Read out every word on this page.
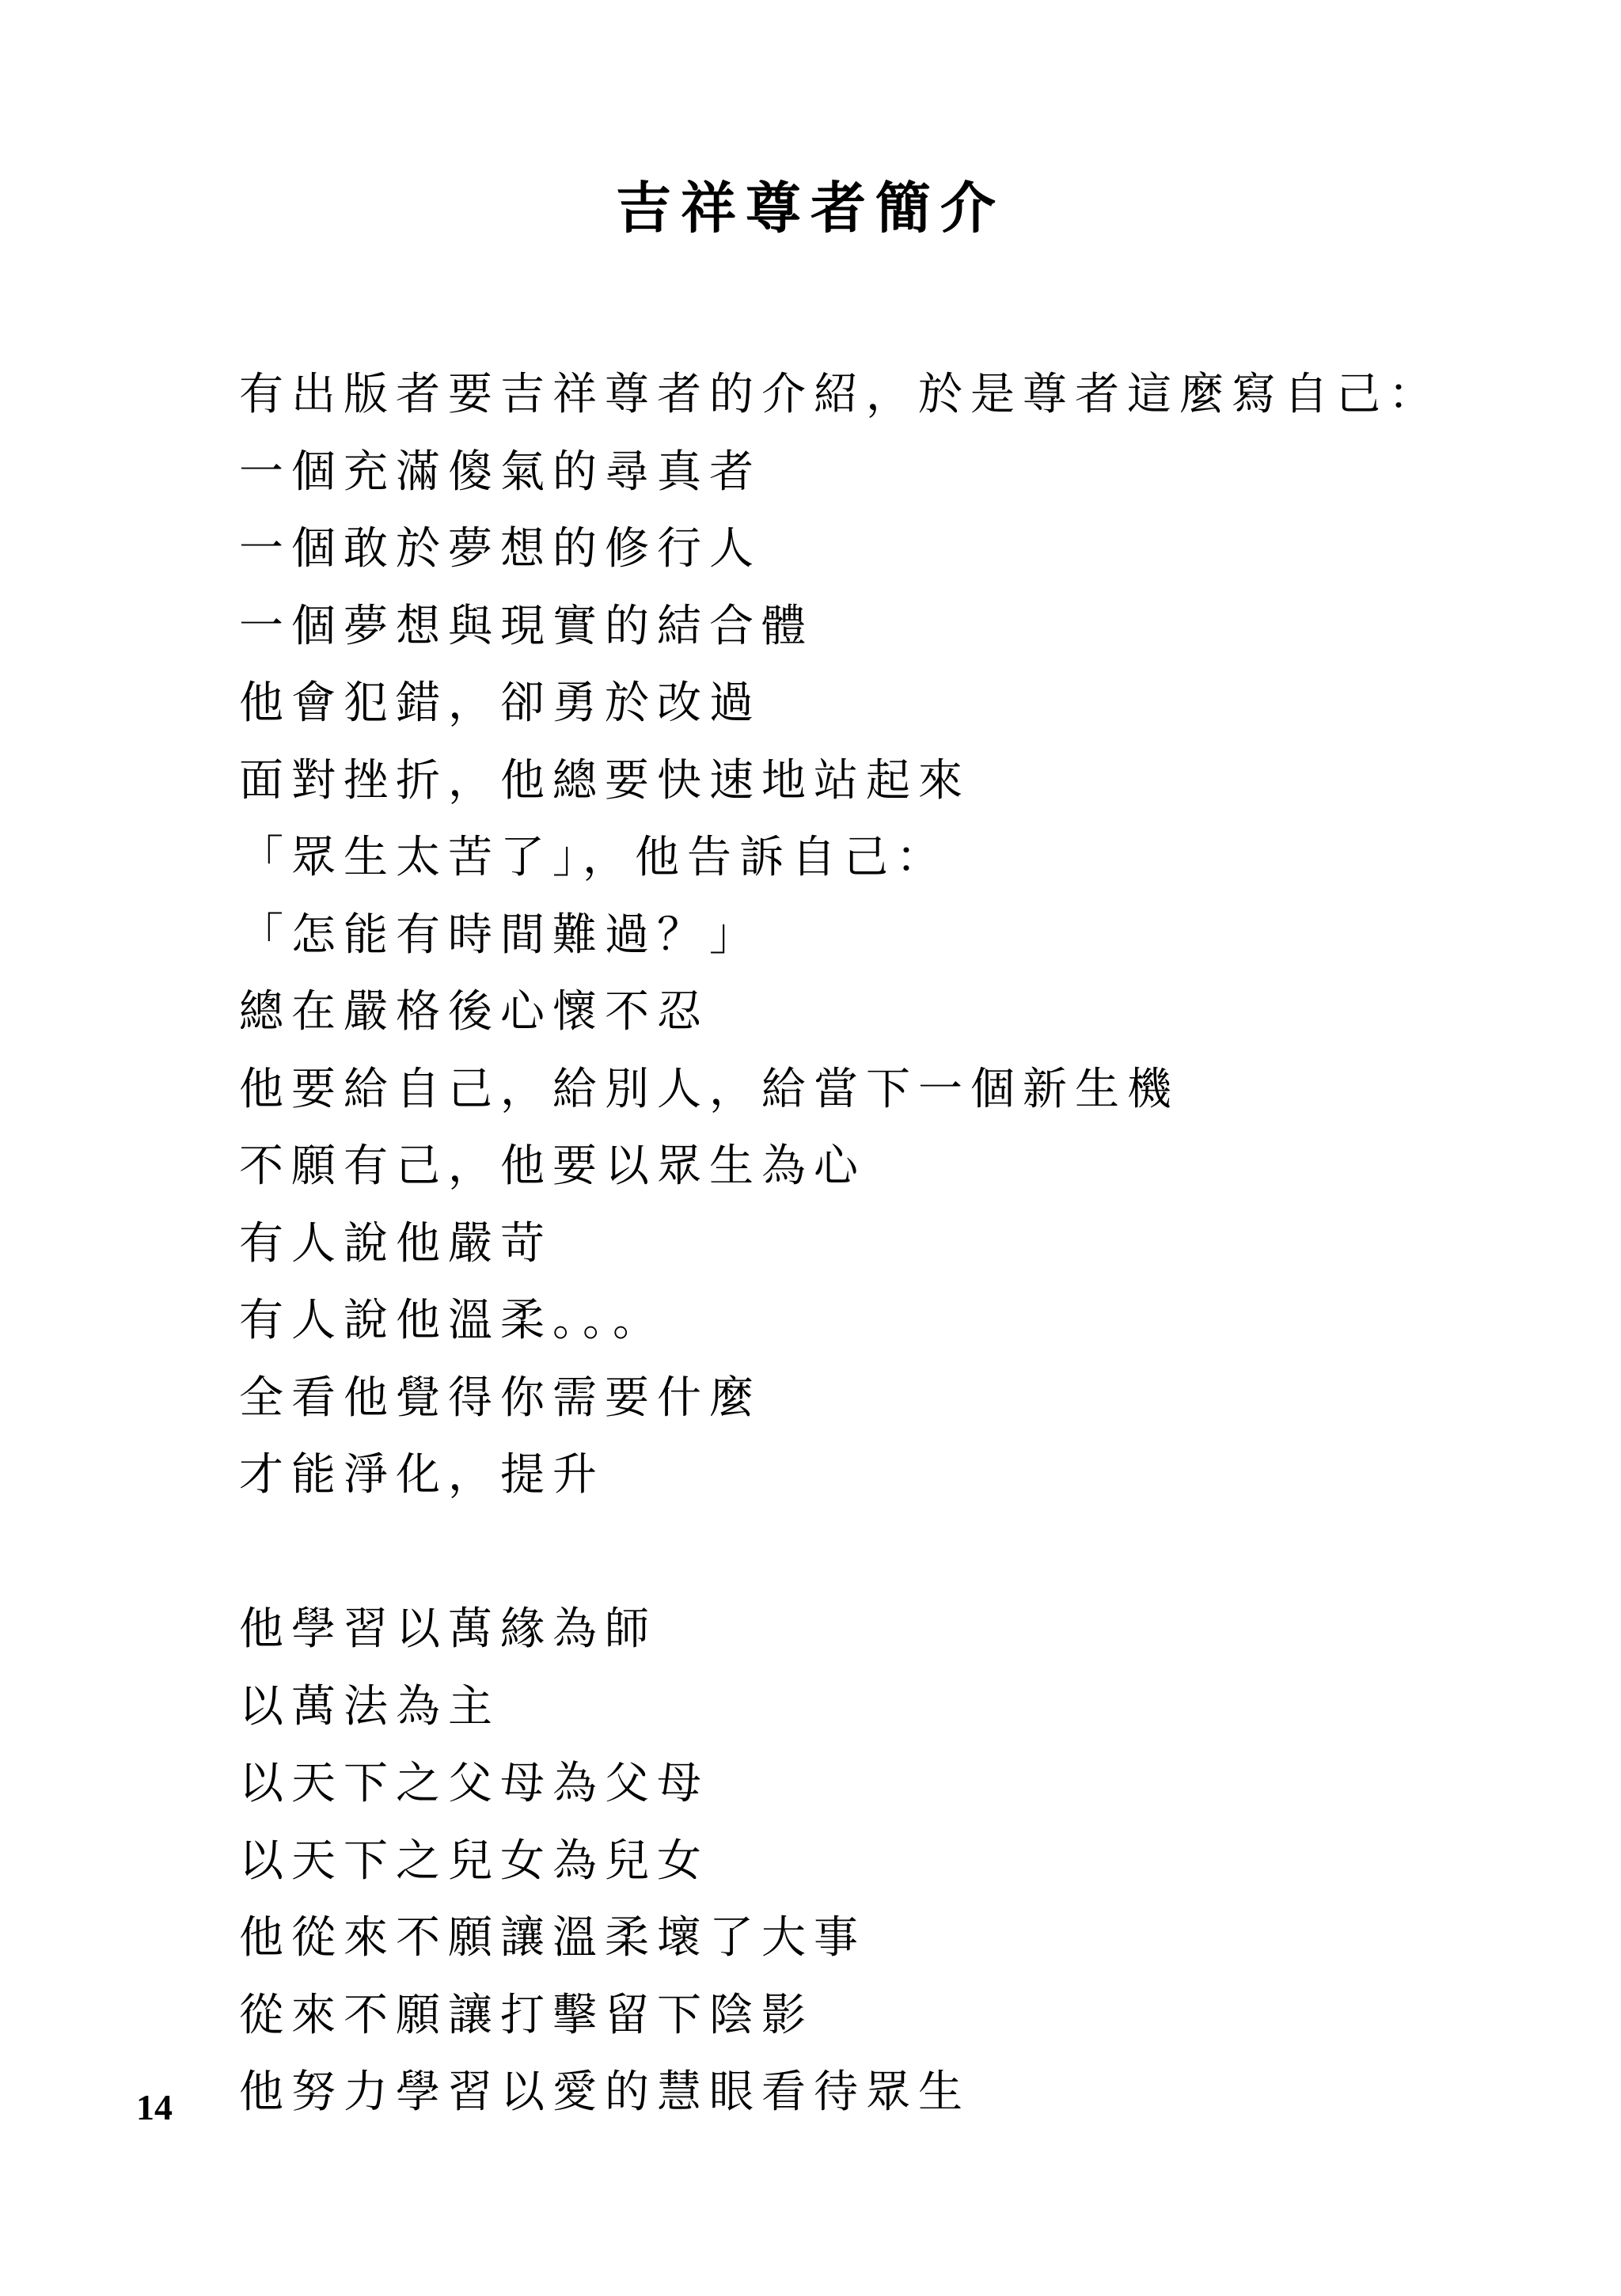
吉祥尊者簡介
有出版者要吉祥尊者的介紹，於是尊者這麼寫自己：
一個充滿傻氣的尋真者
一個敢於夢想的修行人
一個夢想與現實的結合體
他會犯錯，卻勇於改過
面對挫折，他總要快速地站起來
「眾生太苦了」，他告訴自己：
「怎能有時間難過？」
總在嚴格後心懷不忍
他要給自己，給別人，給當下一個新生機
不願有己，他要以眾生為心
有人說他嚴苛
有人說他溫柔。。。
全看他覺得你需要什麼
才能淨化，提升
他學習以萬緣為師
以萬法為主
以天下之父母為父母
以天下之兒女為兒女
他從來不願讓溫柔壞了大事
從來不願讓打擊留下陰影
他努力學習以愛的慧眼看待眾生
14
